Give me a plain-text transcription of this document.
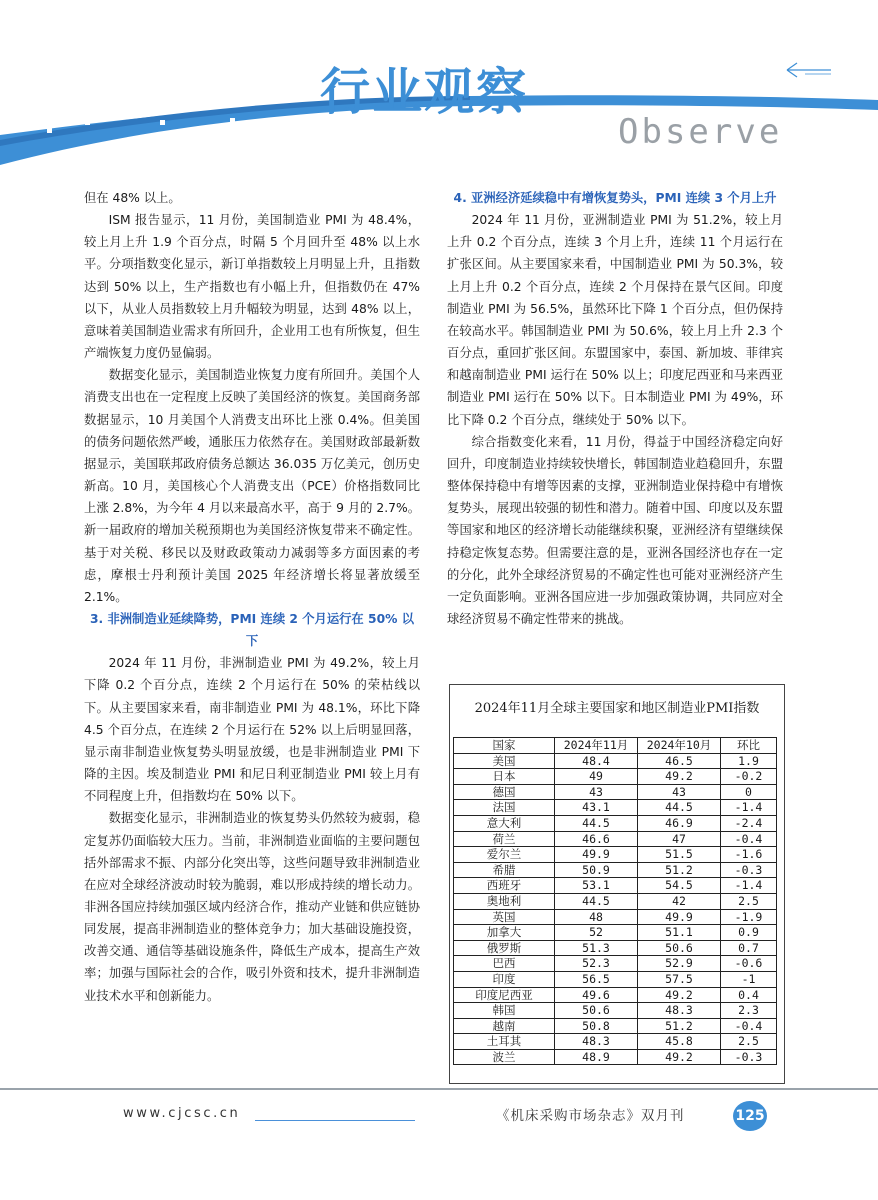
行业观察
Observe

但在 48% 以上。

ISM 报告显示，11 月份，美国制造业 PMI 为 48.4%，较上月上升 1.9 个百分点，时隔 5 个月回升至 48% 以上水平。分项指数变化显示，新订单指数较上月明显上升，且指数达到 50% 以上，生产指数也有小幅上升，但指数仍在 47% 以下，从业人员指数较上月升幅较为明显，达到 48% 以上，意味着美国制造业需求有所回升，企业用工也有所恢复，但生产端恢复力度仍显偏弱。

数据变化显示，美国制造业恢复力度有所回升。美国个人消费支出也在一定程度上反映了美国经济的恢复。美国商务部数据显示，10 月美国个人消费支出环比上涨 0.4%。但美国的债务问题依然严峻，通胀压力依然存在。美国财政部最新数据显示，美国联邦政府债务总额达 36.035 万亿美元，创历史新高。10 月，美国核心个人消费支出（PCE）价格指数同比上涨 2.8%，为今年 4 月以来最高水平，高于 9 月的 2.7%。新一届政府的增加关税预期也为美国经济恢复带来不确定性。基于对关税、移民以及财政政策动力减弱等多方面因素的考虑，摩根士丹利预计美国 2025 年经济增长将显著放缓至 2.1%。

3. 非洲制造业延续降势，PMI 连续 2 个月运行在 50% 以下

2024 年 11 月份，非洲制造业 PMI 为 49.2%，较上月下降 0.2 个百分点，连续 2 个月运行在 50% 的荣枯线以下。从主要国家来看，南非制造业 PMI 为 48.1%，环比下降 4.5 个百分点，在连续 2 个月运行在 52% 以上后明显回落，显示南非制造业恢复势头明显放缓，也是非洲制造业 PMI 下降的主因。埃及制造业 PMI 和尼日利亚制造业 PMI 较上月有不同程度上升，但指数均在 50% 以下。

数据变化显示，非洲制造业的恢复势头仍然较为疲弱，稳定复苏仍面临较大压力。当前，非洲制造业面临的主要问题包括外部需求不振、内部分化突出等，这些问题导致非洲制造业在应对全球经济波动时较为脆弱，难以形成持续的增长动力。非洲各国应持续加强区域内经济合作，推动产业链和供应链协同发展，提高非洲制造业的整体竞争力；加大基础设施投资，改善交通、通信等基础设施条件，降低生产成本，提高生产效率；加强与国际社会的合作，吸引外资和技术，提升非洲制造业技术水平和创新能力。

4. 亚洲经济延续稳中有增恢复势头，PMI 连续 3 个月上升

2024 年 11 月份，亚洲制造业 PMI 为 51.2%，较上月上升 0.2 个百分点，连续 3 个月上升，连续 11 个月运行在扩张区间。从主要国家来看，中国制造业 PMI 为 50.3%，较上月上升 0.2 个百分点，连续 2 个月保持在景气区间。印度制造业 PMI 为 56.5%，虽然环比下降 1 个百分点，但仍保持在较高水平。韩国制造业 PMI 为 50.6%，较上月上升 2.3 个百分点，重回扩张区间。东盟国家中，泰国、新加坡、菲律宾和越南制造业 PMI 运行在 50% 以上；印度尼西亚和马来西亚制造业 PMI 运行在 50% 以下。日本制造业 PMI 为 49%，环比下降 0.2 个百分点，继续处于 50% 以下。

综合指数变化来看，11 月份，得益于中国经济稳定向好回升，印度制造业持续较快增长，韩国制造业趋稳回升，东盟整体保持稳中有增等因素的支撑，亚洲制造业保持稳中有增恢复势头，展现出较强的韧性和潜力。随着中国、印度以及东盟等国家和地区的经济增长动能继续积聚，亚洲经济有望继续保持稳定恢复态势。但需要注意的是，亚洲各国经济也存在一定的分化，此外全球经济贸易的不确定性也可能对亚洲经济产生一定负面影响。亚洲各国应进一步加强政策协调，共同应对全球经济贸易不确定性带来的挑战。

2024年11月全球主要国家和地区制造业PMI指数
国家	2024年11月	2024年10月	环比
美国	48.4	46.5	1.9
日本	49	49.2	-0.2
德国	43	43	0
法国	43.1	44.5	-1.4
意大利	44.5	46.9	-2.4
荷兰	46.6	47	-0.4
爱尔兰	49.9	51.5	-1.6
希腊	50.9	51.2	-0.3
西班牙	53.1	54.5	-1.4
奥地利	44.5	42	2.5
英国	48	49.9	-1.9
加拿大	52	51.1	0.9
俄罗斯	51.3	50.6	0.7
巴西	52.3	52.9	-0.6
印度	56.5	57.5	-1
印度尼西亚	49.6	49.2	0.4
韩国	50.6	48.3	2.3
越南	50.8	51.2	-0.4
土耳其	48.3	45.8	2.5
波兰	48.9	49.2	-0.3
www.cjcsc.cn	《机床采购市场杂志》双月刊	125
